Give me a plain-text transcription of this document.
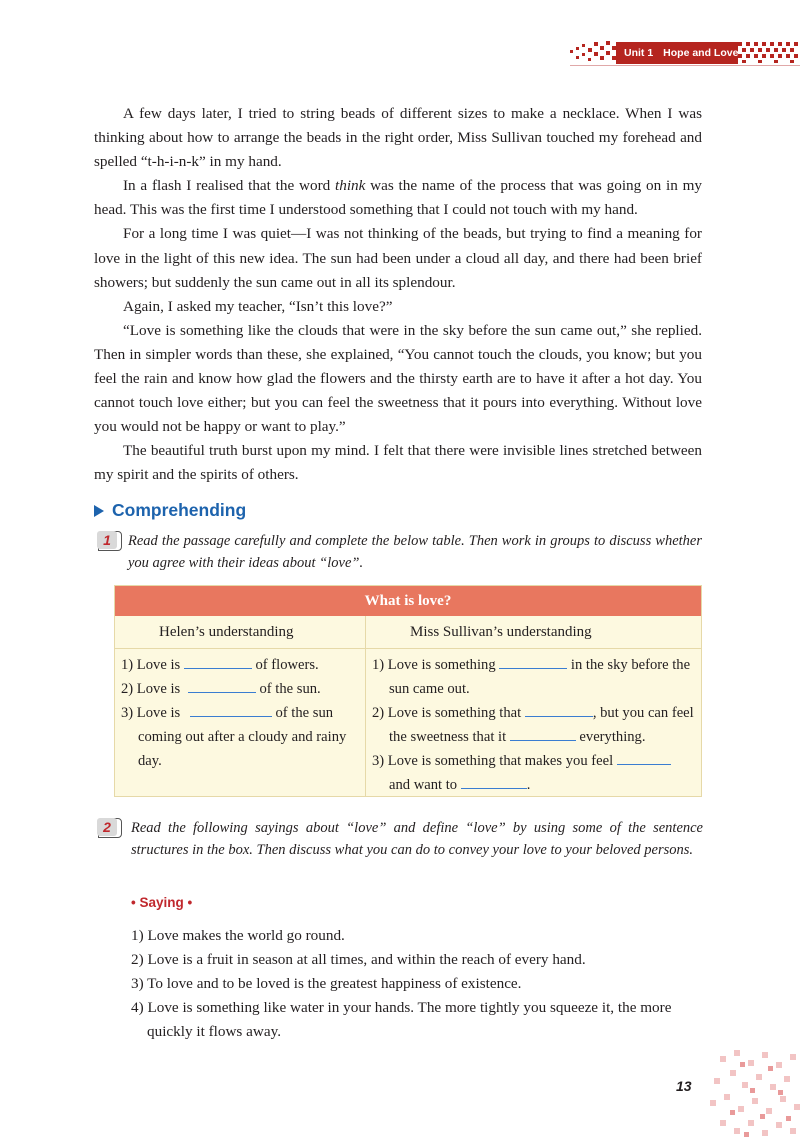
Unit 1 Hope and Love

A few days later, I tried to string beads of different sizes to make a necklace. When I was thinking about how to arrange the beads in the right order, Miss Sullivan touched my forehead and spelled “t-h-i-n-k” in my hand.

In a flash I realised that the word think was the name of the process that was going on in my head. This was the first time I understood something that I could not touch with my hand.

For a long time I was quiet—I was not thinking of the beads, but trying to find a meaning for love in the light of this new idea. The sun had been under a cloud all day, and there had been brief showers; but suddenly the sun came out in all its splendour.

Again, I asked my teacher, “Isn’t this love?”

“Love is something like the clouds that were in the sky before the sun came out,” she replied. Then in simpler words than these, she explained, “You cannot touch the clouds, you know; but you feel the rain and know how glad the flowers and the thirsty earth are to have it after a hot day. You cannot touch love either; but you can feel the sweetness that it pours into everything. Without love you would not be happy or want to play.”

The beautiful truth burst upon my mind. I felt that there were invisible lines stretched between my spirit and the spirits of others.

Comprehending
1	Read the passage carefully and complete the below table. Then work in groups to discuss whether you agree with their ideas about “love”.
What is love?
Helen’s understanding	Miss Sullivan’s understanding
1) Love is	of flowers.
2) Love is	of the sun.
3) Love is	of the sun coming out after a cloudy and rainy day.
1) Love is something	in the sky before the sun came out.
2) Love is something that	, but you can feel the sweetness that it	everything.
3) Love is something that makes you feel  and want to	.
2	Read the following sayings about “love” and define “love” by using some of the sentence structures in the box. Then discuss what you can do to convey your love to your beloved persons.
• Saying •
1) Love makes the world go round.
2) Love is a fruit in season at all times, and within the reach of every hand.
3) To love and to be loved is the greatest happiness of existence.
4) Love is something like water in your hands. The more tightly you squeeze it, the more quickly it flows away.
13
